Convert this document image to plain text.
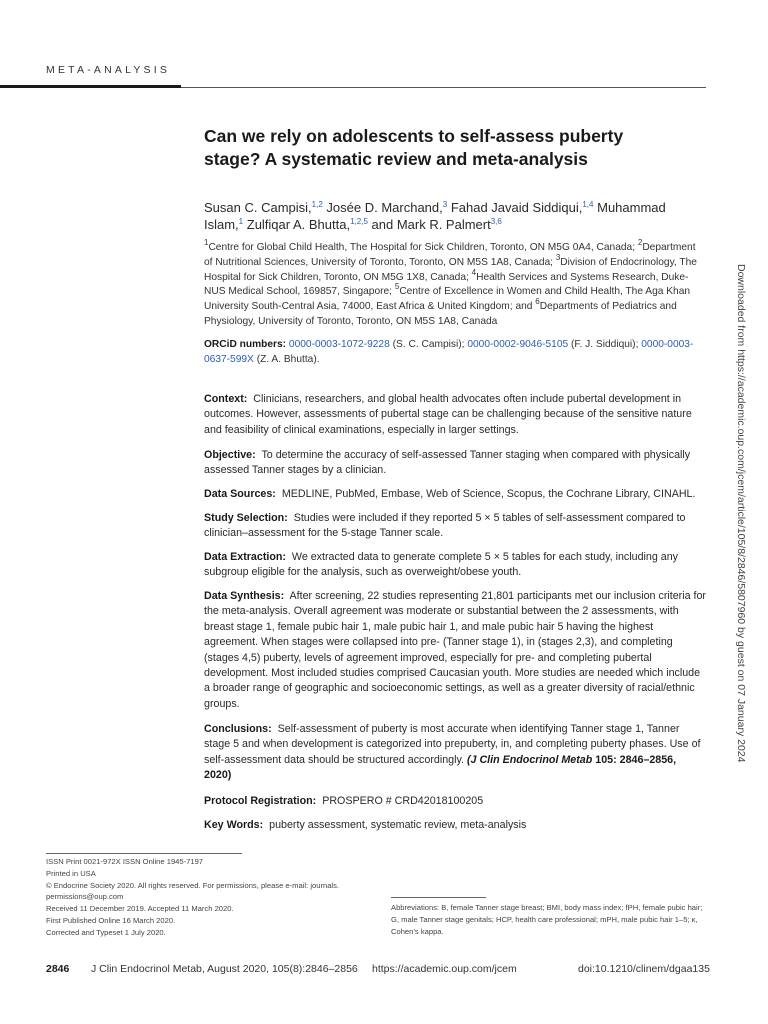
META-ANALYSIS
Can we rely on adolescents to self-assess puberty stage? A systematic review and meta-analysis
Susan C. Campisi,$^{1,2}$ Josée D. Marchand,$^3$ Fahad Javaid Siddiqui,$^{1,4}$ Muhammad Islam,$^1$ Zulfiqar A. Bhutta,$^{1,2,5}$ and Mark R. Palmert$^{3,6}$
$^1$Centre for Global Child Health, The Hospital for Sick Children, Toronto, ON M5G 0A4, Canada; $^2$Department of Nutritional Sciences, University of Toronto, Toronto, ON M5S 1A8, Canada; $^3$Division of Endocrinology, The Hospital for Sick Children, Toronto, ON M5G 1X8, Canada; $^4$Health Services and Systems Research, Duke-NUS Medical School, 169857, Singapore; $^5$Centre of Excellence in Women and Child Health, The Aga Khan University South-Central Asia, 74000, East Africa & United Kingdom; and $^6$Departments of Pediatrics and Physiology, University of Toronto, Toronto, ON M5S 1A8, Canada
ORCiD numbers: 0000-0003-1072-9228 (S. C. Campisi); 0000-0002-9046-5105 (F. J. Siddiqui); 0000-0003-0637-599X (Z. A. Bhutta).

Context: Clinicians, researchers, and global health advocates often include pubertal development in outcomes. However, assessments of pubertal stage can be challenging because of the sensitive nature and feasibility of clinical examinations, especially in larger settings.

Objective: To determine the accuracy of self-assessed Tanner staging when compared with physically assessed Tanner stages by a clinician.

Data Sources: MEDLINE, PubMed, Embase, Web of Science, Scopus, the Cochrane Library, CINAHL.

Study Selection: Studies were included if they reported 5 × 5 tables of self-assessment compared to clinician–assessment for the 5-stage Tanner scale.

Data Extraction: We extracted data to generate complete 5 × 5 tables for each study, including any subgroup eligible for the analysis, such as overweight/obese youth.

Data Synthesis: After screening, 22 studies representing 21,801 participants met our inclusion criteria for the meta-analysis. Overall agreement was moderate or substantial between the 2 assessments, with breast stage 1, female pubic hair 1, male pubic hair 1, and male pubic hair 5 having the highest agreement. When stages were collapsed into pre- (Tanner stage 1), in (stages 2,3), and completing (stages 4,5) puberty, levels of agreement improved, especially for pre- and completing pubertal development. Most included studies comprised Caucasian youth. More studies are needed which include a broader range of geographic and socioeconomic settings, as well as a greater diversity of racial/ethnic groups.

Conclusions: Self-assessment of puberty is most accurate when identifying Tanner stage 1, Tanner stage 5 and when development is categorized into prepuberty, in, and completing puberty phases. Use of self-assessment data should be structured accordingly. (J Clin Endocrinol Metab 105: 2846–2856, 2020)

Protocol Registration: PROSPERO # CRD42018100205

Key Words: puberty assessment, systematic review, meta-analysis

ISSN Print 0021-972X ISSN Online 1945-7197
Printed in USA
© Endocrine Society 2020. All rights reserved. For permissions, please e-mail: journals.
permissions@oup.com
Received 11 December 2019. Accepted 11 March 2020.
First Published Online 16 March 2020.
Corrected and Typeset 1 July 2020.
Abbreviations: B, female Tanner stage breast; BMI, body mass index; fPH, female pubic hair; G, male Tanner stage genitals; HCP, health care professional; mPH, male pubic hair 1–5; κ, Cohen’s kappa.
2846 J Clin Endocrinol Metab, August 2020, 105(8):2846–2856 https://academic.oup.com/jcem	doi:10.1210/clinem/dgaa135
Downloaded from https://academic.oup.com/jcem/article/105/8/2846/5807960 by guest on 07 January 2024
